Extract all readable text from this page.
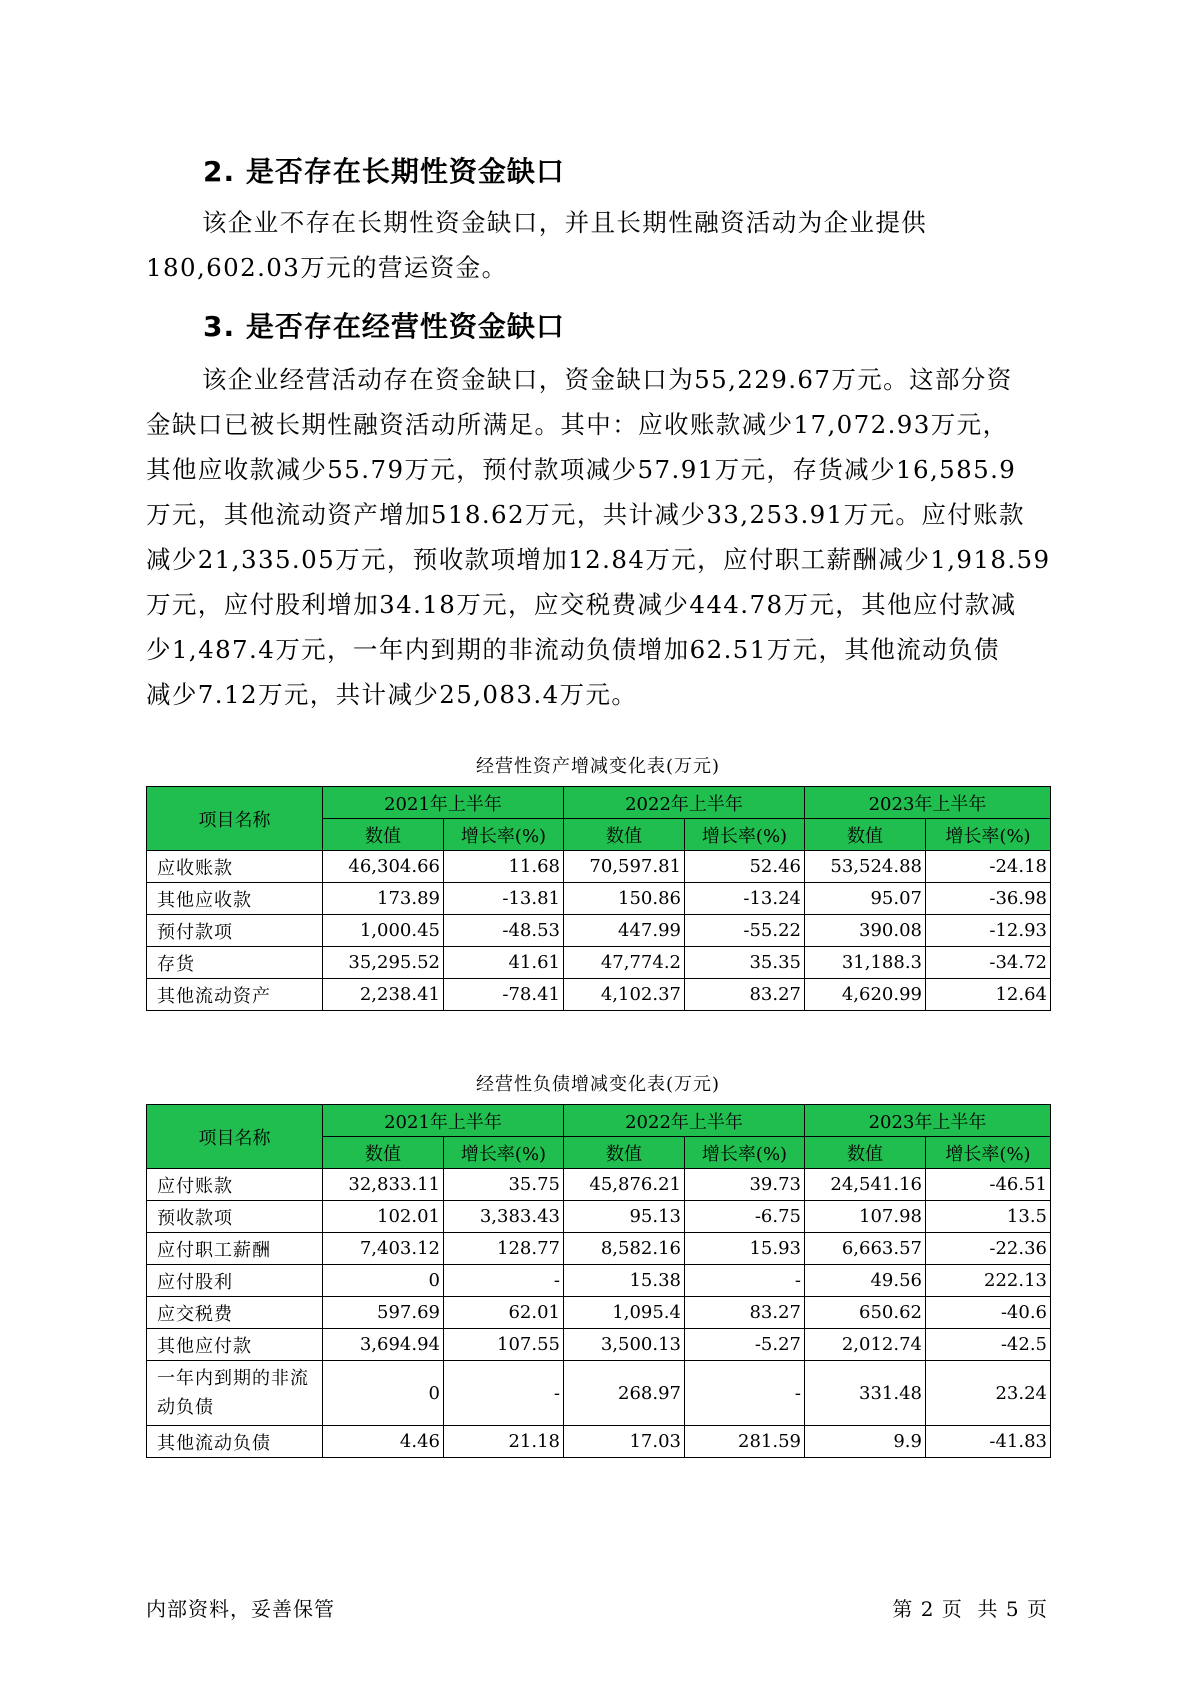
2. 是否存在长期性资金缺口

该企业不存在长期性资金缺口，并且长期性融资活动为企业提供
180,602.03万元的营运资金。

3. 是否存在经营性资金缺口

该企业经营活动存在资金缺口，资金缺口为55,229.67万元。这部分资
金缺口已被长期性融资活动所满足。其中：应收账款减少17,072.93万元，
其他应收款减少55.79万元，预付款项减少57.91万元，存货减少16,585.9
万元，其他流动资产增加518.62万元，共计减少33,253.91万元。应付账款
减少21,335.05万元，预收款项增加12.84万元，应付职工薪酬减少1,918.59
万元，应付股利增加34.18万元，应交税费减少444.78万元，其他应付款减
少1,487.4万元，一年内到期的非流动负债增加62.51万元，其他流动负债
减少7.12万元，共计减少25,083.4万元。

经营性资产增减变化表(万元)
项目名称	2021年上半年		2022年上半年		2023年上半年	
	数值	增长率(%)	数值	增长率(%)	数值	增长率(%)
应收账款	46,304.66	11.68	70,597.81	52.46	53,524.88	-24.18
其他应收款	173.89	-13.81	150.86	-13.24	95.07	-36.98
预付款项	1,000.45	-48.53	447.99	-55.22	390.08	-12.93
存货	35,295.52	41.61	47,774.2	35.35	31,188.3	-34.72
其他流动资产	2,238.41	-78.41	4,102.37	83.27	4,620.99	12.64
经营性负债增减变化表(万元)
项目名称	2021年上半年		2022年上半年		2023年上半年	
	数值	增长率(%)	数值	增长率(%)	数值	增长率(%)
应付账款	32,833.11	35.75	45,876.21	39.73	24,541.16	-46.51
预收款项	102.01	3,383.43	95.13	-6.75	107.98	13.5
应付职工薪酬	7,403.12	128.77	8,582.16	15.93	6,663.57	-22.36
应付股利	0	-	15.38	-	49.56	222.13
应交税费	597.69	62.01	1,095.4	83.27	650.62	-40.6
其他应付款	3,694.94	107.55	3,500.13	-5.27	2,012.74	-42.5
一年内到期的非流动负债	0	-	268.97	-	331.48	23.24
其他流动负债	4.46	21.18	17.03	281.59	9.9	-41.83
内部资料，妥善保管	第 2 页  共 5 页
